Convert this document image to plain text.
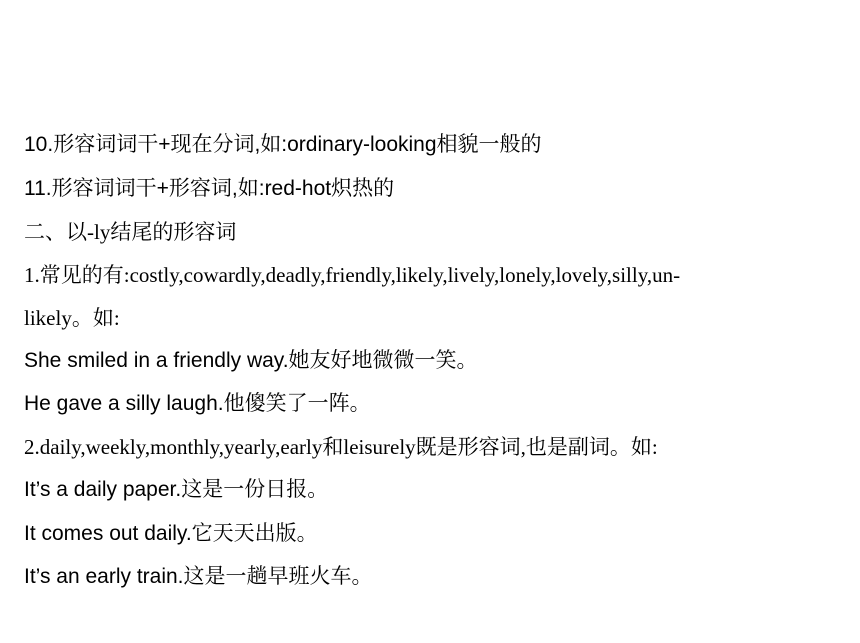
10.形容词词干+现在分词,如:ordinary-looking相貌一般的
11.形容词词干+形容词,如:red-hot炽热的
二、以-ly结尾的形容词
1.常见的有:costly,cowardly,deadly,friendly,likely,lively,lonely,lovely,silly,un-
likely。如:
She smiled in a friendly way.她友好地微微一笑。
He gave a silly laugh.他傻笑了一阵。
2.daily,weekly,monthly,yearly,early和leisurely既是形容词,也是副词。如:
It’s a daily paper.这是一份日报。
It comes out daily.它天天出版。
It’s an early train.这是一趟早班火车。
